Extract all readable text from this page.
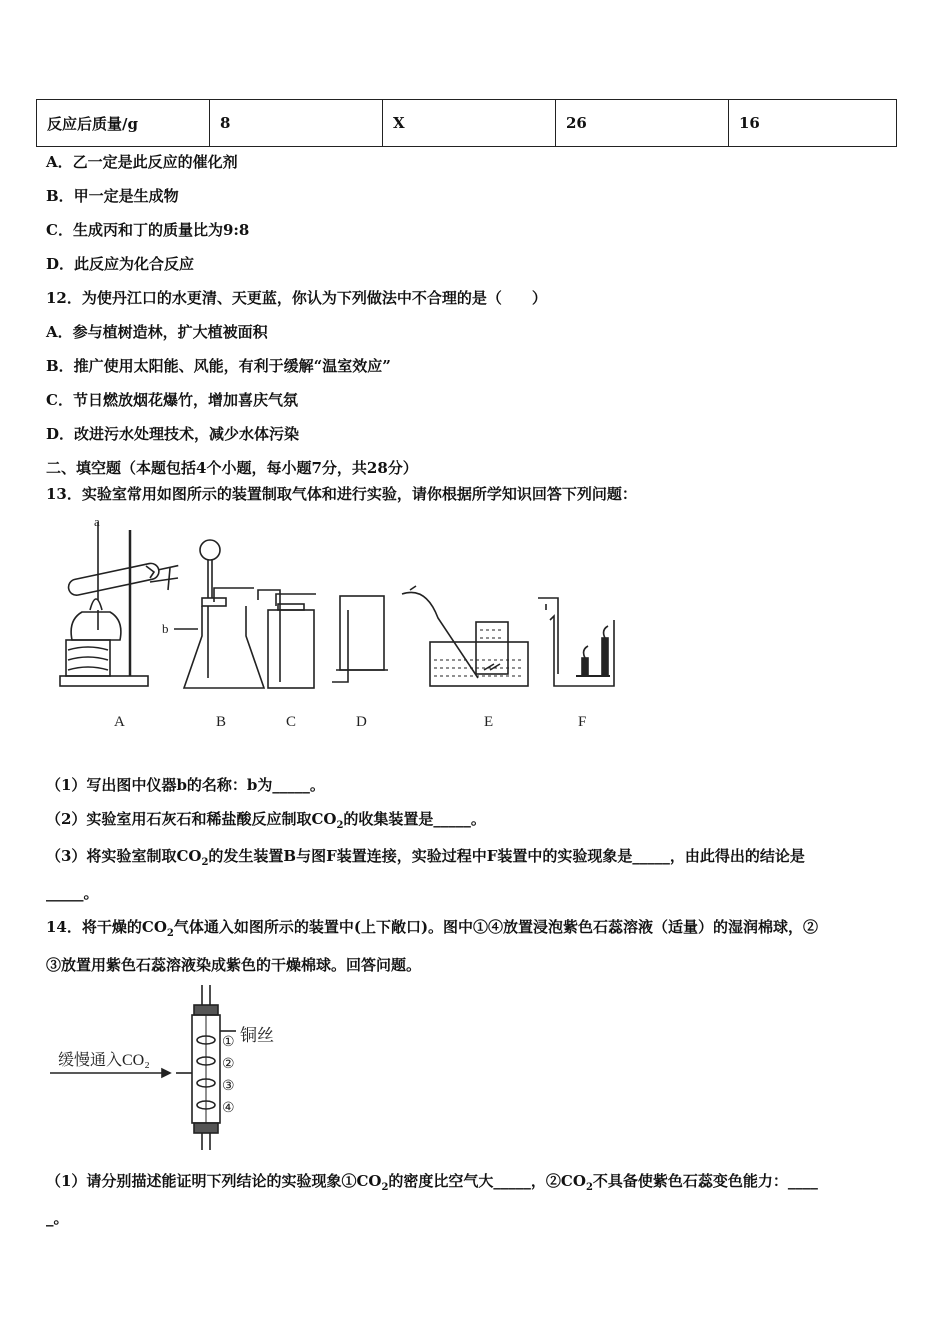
反应后质量/g	8	X	26	16
A．乙一定是此反应的催化剂
B．甲一定是生成物
C．生成丙和丁的质量比为9:8
D．此反应为化合反应
12．为使丹江口的水更清、天更蓝，你认为下列做法中不合理的是（　　）
A．参与植树造林，扩大植被面积
B．推广使用太阳能、风能，有利于缓解“温室效应”
C．节日燃放烟花爆竹，增加喜庆气氛
D．改进污水处理技术，减少水体污染
二、填空题（本题包括4个小题，每小题7分，共28分）
13．实验室常用如图所示的装置制取气体和进行实验，请你根据所学知识回答下列问题：
a
b
A	B	C	D	E	F
（1）写出图中仪器b的名称：b为_____。
（2）实验室用石灰石和稀盐酸反应制取$CO_2$的收集装置是_____。
（3）将实验室制取$CO_2$的发生装置B与图F装置连接，实验过程中F装置中的实验现象是_____，由此得出的结论是
_____。
14．将干燥的$CO_2$气体通入如图所示的装置中(上下敞口)。图中①④放置浸泡紫色石蕊溶液（适量）的湿润棉球，②
③放置用紫色石蕊溶液染成紫色的干燥棉球。回答问题。
缓慢通入CO₂
铜丝
①
②
③
④
（1）请分别描述能证明下列结论的实验现象$①CO_2$的密度比空气大_____，$②CO_2$不具备使紫色石蕊变色能力：____
_。
